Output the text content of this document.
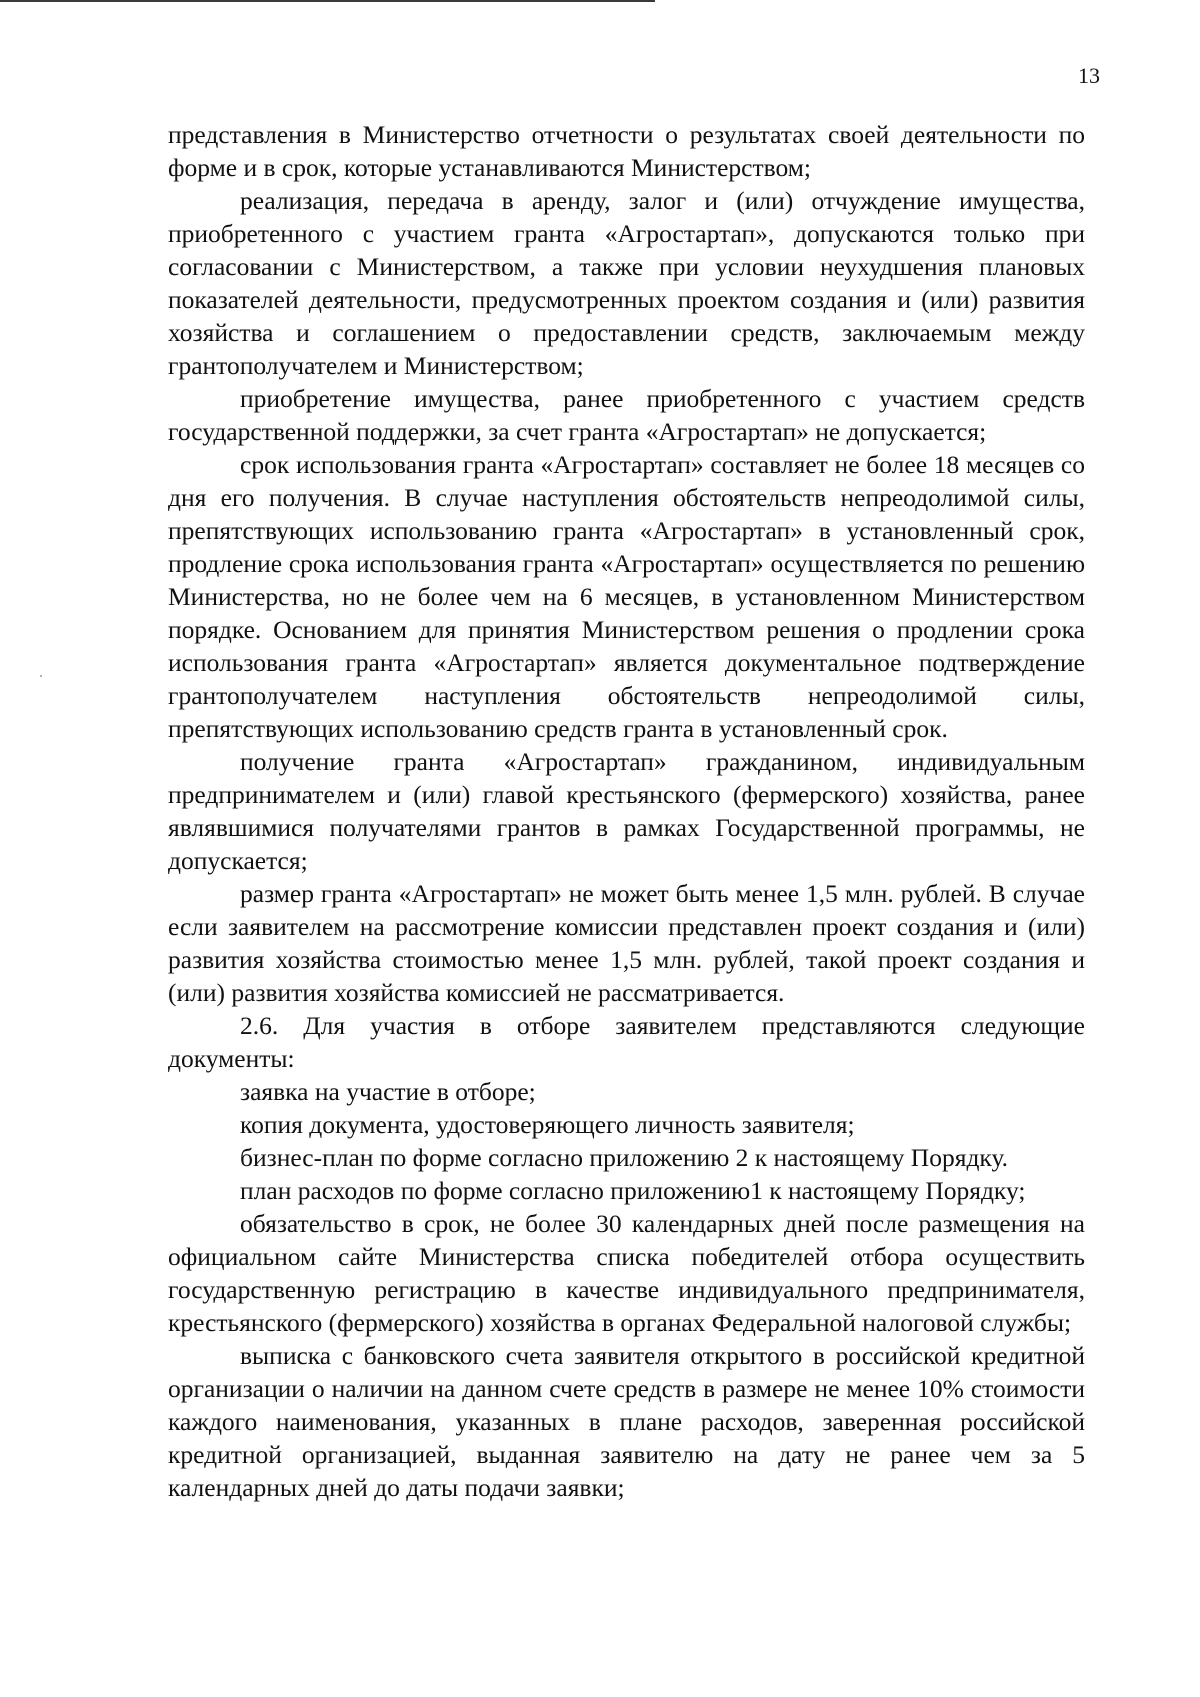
13

представления в Министерство отчетности о результатах своей деятельности по форме и в срок, которые устанавливаются Министерством;

реализация, передача в аренду, залог и (или) отчуждение имущества, приобретенного с участием гранта «Агростартап», допускаются только при согласовании с Министерством, а также при условии неухудшения плановых показателей деятельности, предусмотренных проектом создания и (или) развития хозяйства и соглашением о предоставлении средств, заключаемым между грантополучателем и Министерством;

приобретение имущества, ранее приобретенного с участием средств государственной поддержки, за счет гранта «Агростартап» не допускается;

срок использования гранта «Агростартап» составляет не более 18 месяцев со дня его получения. В случае наступления обстоятельств непреодолимой силы, препятствующих использованию гранта «Агростартап» в установленный срок, продление срока использования гранта «Агростартап» осуществляется по решению Министерства, но не более чем на 6 месяцев, в установленном Министерством порядке. Основанием для принятия Министерством решения о продлении срока использования гранта «Агростартап» является документальное подтверждение грантополучателем наступления обстоятельств непреодолимой силы, препятствующих использованию средств гранта в установленный срок.

получение гранта «Агростартап» гражданином, индивидуальным предпринимателем и (или) главой крестьянского (фермерского) хозяйства, ранее являвшимися получателями грантов в рамках Государственной программы, не допускается;

размер гранта «Агростартап» не может быть менее 1,5 млн. рублей. В случае если заявителем на рассмотрение комиссии представлен проект создания и (или) развития хозяйства стоимостью менее 1,5 млн. рублей, такой проект создания и (или) развития хозяйства комиссией не рассматривается.

2.6. Для участия в отборе заявителем представляются следующие документы:

заявка на участие в отборе;

копия документа, удостоверяющего личность заявителя;

бизнес-план по форме согласно приложению 2 к настоящему Порядку.

план расходов по форме согласно приложению1 к настоящему Порядку;

обязательство в срок, не более 30 календарных дней после размещения на официальном сайте Министерства списка победителей отбора осуществить государственную регистрацию в качестве индивидуального предпринимателя, крестьянского (фермерского) хозяйства в органах Федеральной налоговой службы;

выписка с банковского счета заявителя открытого в российской кредитной организации о наличии на данном счете средств в размере не менее 10% стоимости каждого наименования, указанных в плане расходов, заверенная российской кредитной организацией, выданная заявителю на дату не ранее чем за 5 календарных дней до даты подачи заявки;
